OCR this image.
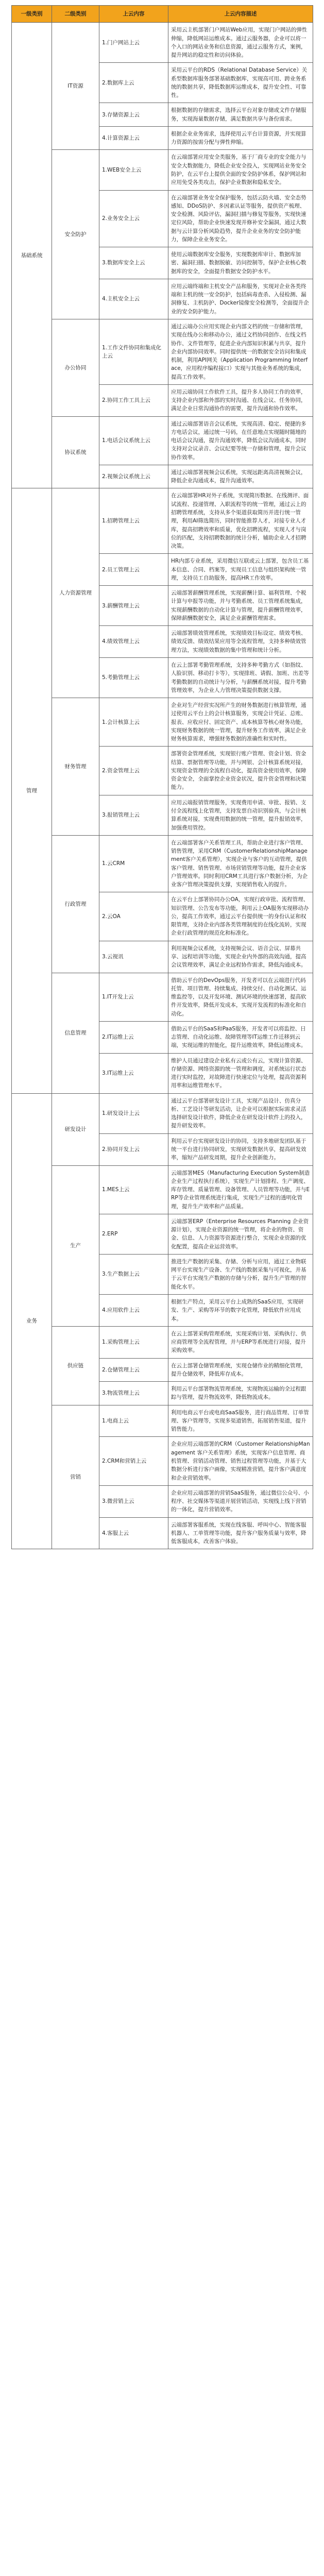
一级类别	二级类别	上云内容	上云内容描述
基础系统	IT资源	1.门户网站上云	采用云主机部署门户网站Web应用，实现门户网站的弹性伸缩，降低网站运维成本。通过云服务器，企业可以将一个入口的网站业务和信息资源，通过云服务方式，案例，提升网站的稳定性和访问体验。
		2.数据库上云	采用云平台的RDS（Relational Database Service）关系型数据库服务部署基础数据库，实现高可用、跨业务系统的数据共享，降低数据库运维成本，提升安全性、可靠性。
		3.存储资源上云	根据数据的存储需求，选择云平台对象存储或文件存储服务，实现海量数据存储，满足数据共享与备份需求。
		4.计算资源上云	根据企业业务需求，选择使用云平台计算资源，并实现算力资源的按需分配与弹性伸缩。
	安全防护	1.WEB安全上云	在云端部署应用安全类服务，基于厂商专业的安全能力与安全大数据能力，降低企业安全投入，实现网站业务安全防护，在云平台上提供全面的安全防护体系，保护网站和应用免受各类攻击，保护企业数据和隐私安全。
		2.业务安全上云	在云端部署业务安全保护服务，包括云防火墙、安全态势感知、DDoS防护、多因素认证等服务，提供资产梳理、安全检测、风险评估，漏洞扫描与修复等服务，实现快速定位风险，帮助企业快速发现并修补安全漏洞，通过大数据与云计算分析风险趋势，提升企业业务的安全防护能力，保障企业业务安全。
		3.数据库安全上云	使用云端数据库安全服务，实现数据库审计、数据库加密、漏洞扫描、数据脱敏、访问控制等，保护企业核心数据库的安全，全面提升数据安全防护水平。
		4.主机安全上云	应用云端终端和主机安全产品和服务，实现对企业各类终端和主机的统一安全防护，包括病毒查杀、入侵检测、漏洞修复、主机防护、Docker镜像安全检测等，全面提升企业的安全防护能力。
	办公协同	1.工作文件协同和集成化上云	通过云端办公应用实现企业内部文档的统一存储和管理，实现在线办公和移动办公，通过文档协同创作、在线文档协作、文件管理等，促进企业内部知识积累与共享，提升企业内部协同效率。同时提供统一的数据安全访问和集成机制，利用API网关（Application Programming Interface，应用程序编程接口）实现与其他业务系统的集成，提高工作效率。
		2.协同工作工具上云	应用云端协同工作软件工具，提升多人协同工作的效率，支持企业内部和外部的实时沟通、在线会议、任务协同，满足企业日常沟通协作的需要，提升沟通和协作效率。
	协议系统	1.电话会议系统上云	通过云端部署语音会议系统，实现高清、稳定、便捷的多方电话会议，通过统一号码，在任意地点实现随时随地的电话会议沟通，提升沟通效率，降低会议沟通成本，同时支持对会议录音、会议纪要等统一存储和管理，提升会议协作效率。
		2.视频会议系统上云	通过云端部署视频会议系统，实现远距离高清视频会议，降低企业沟通成本，提升沟通效率。
管理	人力资源管理	1.招聘管理上云	在云端部署HR对外子系统，实现简历数据、在线测评、面试流程、投递管理、入职流程等的统一管理，通过云上的招聘管理系统，支持从多个渠道获取简历并进行统一管理，利用AI筛选简历，同时智能推荐人才，对接专业人才库，提高招聘效率和质量，优化招聘流程，实现人才与岗位的匹配，支持招聘数据的统计分析，辅助企业人才招聘决策。
		2.员工管理上云	HR内部专业系统，采用微信互联或云上部署，包含员工基本信息、合同、档案等，实现员工信息与组织架构统一管理，支持员工自助服务，提高HR工作效率。
		3.薪酬管理上云	云端部署薪酬管理系统，实现薪酬计算、福利管理、个税计算与申报等功能，并与考勤系统、员工管理系统集成，实现薪酬数据的自动化计算与管理，提升薪酬管理效率，保障薪酬数据安全，满足企业薪酬管理需求。
		4.绩效管理上云	云端部署绩效管理系统，实现绩效目标设定、绩效考核、绩效反馈、绩效结果应用等全流程管理，支持多种绩效管理方法，实现绩效数据的集中管理和统计分析。
		5.考勤管理上云	在云上部署考勤管理系统，支持多种考勤方式（如指纹、人脸识别、移动打卡等），实现排班、请假、加班、出差等考勤数据的自动统计与分析，与薪酬系统对接，提升考勤管理效率，为企业人力管理决策提供数据支撑。
	财务管理	1.会计核算上云	企业对生产经营实况所产生的财务数据进行核算管理，通过使用云平台上的会计核算服务，实现会计凭证、总账、报表、应收应付、固定资产、成本核算等核心财务功能，实现财务数据的统一管理，提升财务工作效率，满足企业财务核算需求，增强财务数据的准确性和实时性。
		2.资金管理上云	部署资金管理系统，实现银行账户管理、资金计划、资金结算、票据管理等功能，并与网银、会计核算系统对接，实现资金管理的全流程自动化，提高资金使用效率，保障资金安全，全面掌控企业资金状况，提升资金管理和决策能力。
		3.报销管理上云	应用云端报销管理服务，实现费用申请、审批、报销、支付全流程线上化管理，支持发票自动识别验真，与会计核算系统对接，实现费用数据的统一管理，提升报销效率，加强费用管控。
	行政管理	1.云CRM	在云端部署客户关系管理工具，帮助企业进行客户管理、销售管理，采用CRM（CustomerRelationshipManagement客户关系管理），实现企业与客户的互动管理，提供客户管理、销售管理、市场营销管理等功能，提升企业客户管理效率。同时利用CRM工具进行客户数据分析，为企业客户管理决策提供支撑，实现销售收入的提升。
		2.云OA	在云平台上部署协同办公OA，实现行政审批、流程管理、知识管理、公告发布等功能，利用云上OA服务实现移动办公，提高工作效率，通过云平台提供统一的身份认证和权限管理，支持企业内部各类管理制度的在线化流转，实现企业行政管理的规范化和标准化。
		3.云视讯	利用视频会议系统，支持视频会议、语音会议、屏幕共享、远程培训等功能，实现企业内外部的高效沟通，提高会议管理效率，满足企业远程协作需求，降低沟通成本。
	信息管理	1.IT开发上云	借助云平台的DevOps服务，开发者可以在云端进行代码托管、项目管理、持续集成、持续交付、自动化测试、运维监控等，以及开发环境、测试环境的快速部署，提高软件开发效率，降低开发成本，实现开发流程的标准化和自动化。
		2.IT运维上云	借助云平台的SaaS和PaaS服务，开发者可以将监控、日志管理、自动化运维、故障管理等IT运维工作迁移到云端，实现运维的智能化，提升运维效率，降低运维成本。
		3.IT运维上云	维护人员通过建设企业私有云或公有云，实现计算资源、存储资源、网络资源的统一管理和调度，对系统运行状态进行实时监控，对故障进行快速定位与处理，提高资源利用率和运维管理水平。
业务	研发设计	1.研发设计上云	通过云平台部署研发设计工具，实现产品设计、仿真分析、工艺设计等研发活动，让企业可以根据实际需求灵活选择研发设计软件，降低企业在研发设计软件上的投入，提升研发效率。
		2.协同开发上云	利用云平台实现研发设计的协同，支持多地研发团队基于统一平台进行协同研发，实现研发数据共享，提高研发效率，缩短产品研发周期，提升企业创新能力。
	生产	1.MES上云	云端部署MES（Manufacturing Execution System制造企业生产过程执行系统），实现生产计划排程、生产调度、库存管理、质量管理、设备管理、人员管理等功能，并与ERP等企业管理系统进行集成，实现生产过程的透明化管理，提升生产效率和产品质量。
		2.ERP	云端部署ERP（Enterprise Resources Planning 企业资源计划），实现企业资源的统一管理，将企业的物资、资金、信息、人力资源等资源进行整合，实现企业资源的优化配置，提高企业运营效率。
		3.生产数据上云	推进生产数据的采集、存储、分析与应用，通过工业物联网平台实现生产设备、生产线的数据采集与可视化，并基于云平台实现生产数据的存储与分析，提升生产管理的智能化水平。
		4.应用软件上云	根据生产特点，采用云平台上成熟的SaaS应用，实现研发、生产、采购等环节的数字化管理，降低软件应用成本。
	供应链	1.采购管理上云	在云上部署采购管理系统，实现采购计划、采购执行、供应商管理等全流程管理，并与ERP等系统进行对接，提升采购效率。
		2.仓储管理上云	在云上部署仓储管理系统，实现仓储作业的精细化管理，提升仓储效率，降低库存成本。
		3.物流管理上云	利用云平台部署物流管理系统，实现物流运输的全过程跟踪与管理，提升物流效率，降低物流成本。
	营销	1.电商上云	利用电商云平台或电商SaaS服务，进行商品管理、订单管理、客户管理等，实现多渠道销售，拓展销售渠道，提升销售能力。
		2.CRM和营销上云	企业应用云端部署的CRM（Customer RelationshipManagement 客户关系管理）系统，实现客户信息管理、商机管理、营销活动管理、销售过程管理等功能，并基于大数据分析进行客户画像，实现精准营销，提升客户满意度和企业营销效率。
		3.微营销上云	企业应用云端部署的营销SaaS服务，通过微信公众号、小程序、社交媒体等渠道开展营销活动，实现线上线下营销的一体化，提升营销效率。
		4.客服上云	云端部署客服系统，实现在线客服、呼叫中心、智能客服机器人、工单管理等功能，提升客户服务质量与效率，降低客服成本，改善客户体验。
